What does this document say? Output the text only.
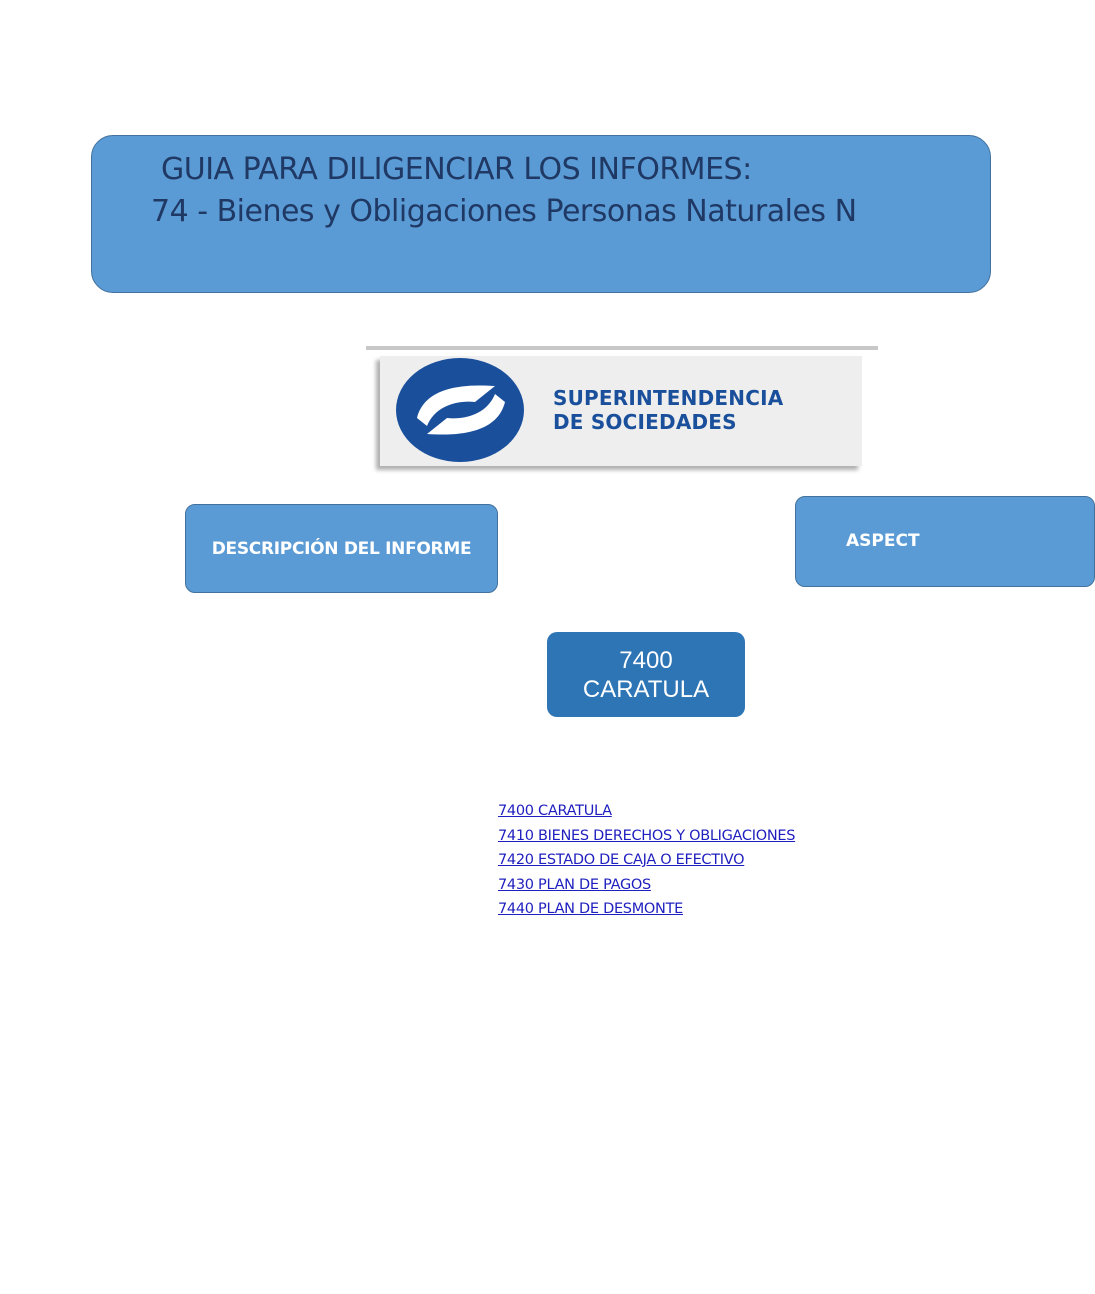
GUIA PARA DILIGENCIAR LOS INFORMES:
74 - Bienes y Obligaciones Personas Naturales N
SUPERINTENDENCIA
DE SOCIEDADES
DESCRIPCIÓN DEL INFORME	ASPECT
7400
CARATULA
7400 CARATULA
7410 BIENES DERECHOS Y OBLIGACIONES
7420 ESTADO DE CAJA O EFECTIVO
7430 PLAN DE PAGOS
7440 PLAN DE DESMONTE
